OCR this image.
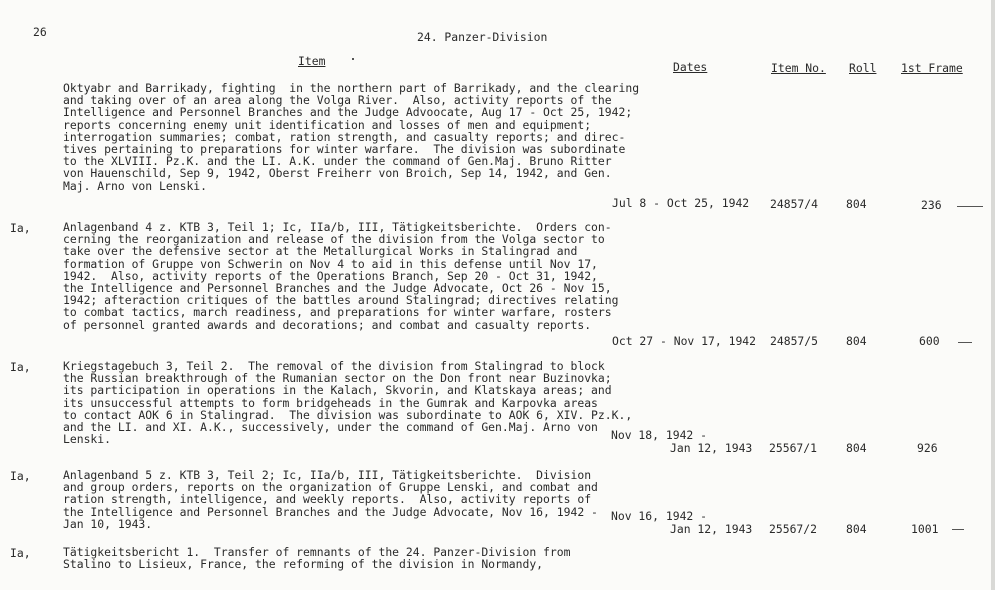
26	24. Panzer-Division
Item	Dates	Item No. Roll 1st Frame
Oktyabr and Barrikady, fighting  in the northern part of Barrikady, and the clearing
and taking over of an area along the Volga River.  Also, activity reports of the
Intelligence and Personnel Branches and the Judge Advoocate, Aug 17 - Oct 25, 1942;
reports concerning enemy unit identification and losses of men and equipment;
interrogation summaries; combat, ration strength, and casualty reports; and direc-
tives pertaining to preparations for winter warfare.  The division was subordinate
to the XLVIII. Pz.K. and the LI. A.K. under the command of Gen.Maj. Bruno Ritter
von Hauenschild, Sep 9, 1942, Oberst Freiherr von Broich, Sep 14, 1942, and Gen.
Maj. Arno von Lenski.
Jul 8 - Oct 25, 1942 24857/4 804	236
Ia,	Anlagenband 4 z. KTB 3, Teil 1; Ic, IIa/b, III, Tätigkeitsberichte.  Orders con-
cerning the reorganization and release of the division from the Volga sector to
take over the defensive sector at the Metallurgical Works in Stalingrad and
formation of Gruppe von Schwerin on Nov 4 to aid in this defense until Nov 17,
1942.  Also, activity reports of the Operations Branch, Sep 20 - Oct 31, 1942,
the Intelligence and Personnel Branches and the Judge Advocate, Oct 26 - Nov 15,
1942; afteraction critiques of the battles around Stalingrad; directives relating
to combat tactics, march readiness, and preparations for winter warfare, rosters
of personnel granted awards and decorations; and combat and casualty reports.
Oct 27 - Nov 17, 1942 24857/5 804	600
Ia,	Kriegstagebuch 3, Teil 2.  The removal of the division from Stalingrad to block
the Russian breakthrough of the Rumanian sector on the Don front near Buzinovka;
its participation in operations in the Kalach, Skvorin, and Klatskaya areas; and
its unsuccessful attempts to form bridgeheads in the Gumrak and Karpovka areas
to contact AOK 6 in Stalingrad.  The division was subordinate to AOK 6, XIV. Pz.K.,
and the LI. and XI. A.K., successively, under the command of Gen.Maj. Arno von
Lenski.	Nov 18, 1942 -
Jan 12, 1943 25567/1	804	926
Ia,	Anlagenband 5 z. KTB 3, Teil 2; Ic, IIa/b, III, Tätigkeitsberichte.  Division
and group orders, reports on the organization of Gruppe Lenski, and combat and
ration strength, intelligence, and weekly reports.  Also, activity reports of
the Intelligence and Personnel Branches and the Judge Advocate, Nov 16, 1942 -
Jan 10, 1943.
Nov 16, 1942 -
Jan 12, 1943 25567/2	804	1001
Ia,	Tätigkeitsbericht 1.  Transfer of remnants of the 24. Panzer-Division from
Stalino to Lisieux, France, the reforming of the division in Normandy,
